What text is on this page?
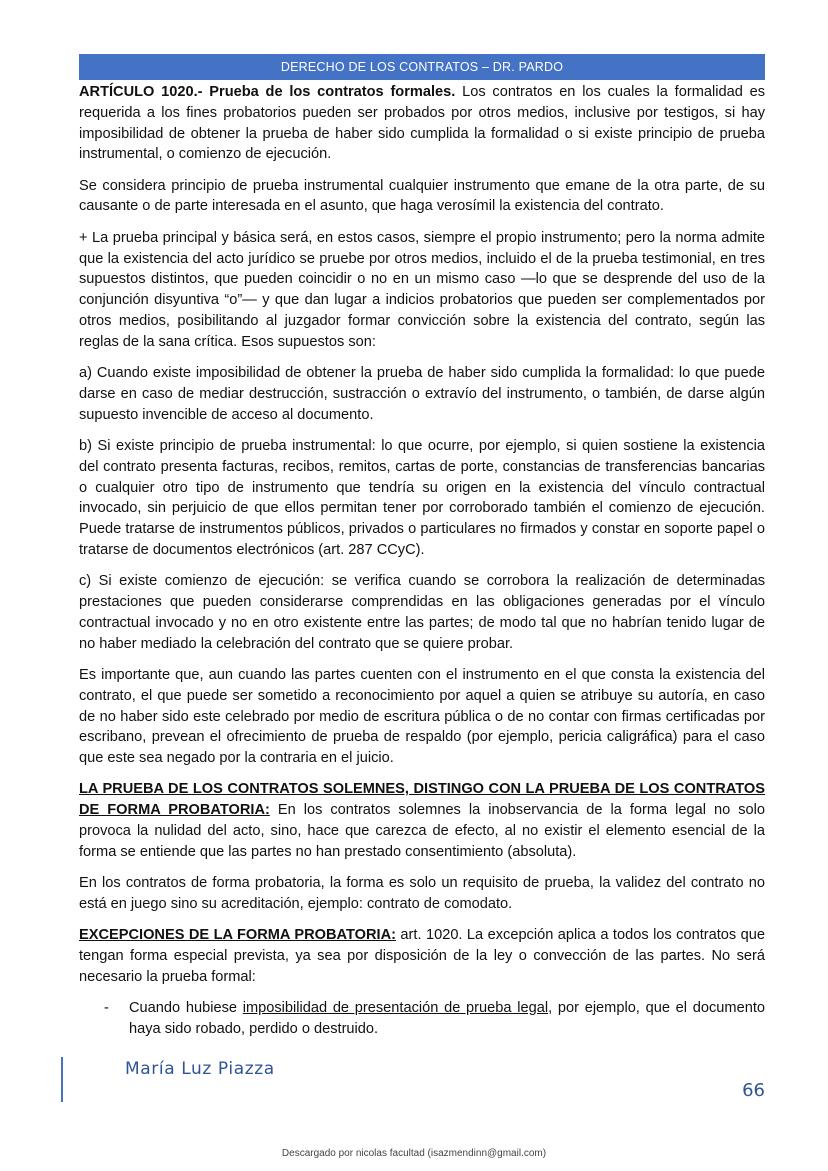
DERECHO DE LOS CONTRATOS – DR. PARDO

ARTÍCULO 1020.- Prueba de los contratos formales. Los contratos en los cuales la formalidad es requerida a los fines probatorios pueden ser probados por otros medios, inclusive por testigos, si hay imposibilidad de obtener la prueba de haber sido cumplida la formalidad o si existe principio de prueba instrumental, o comienzo de ejecución.

Se considera principio de prueba instrumental cualquier instrumento que emane de la otra parte, de su causante o de parte interesada en el asunto, que haga verosímil la existencia del contrato.

+ La prueba principal y básica será, en estos casos, siempre el propio instrumento; pero la norma admite que la existencia del acto jurídico se pruebe por otros medios, incluido el de la prueba testimonial, en tres supuestos distintos, que pueden coincidir o no en un mismo caso —lo que se desprende del uso de la conjunción disyuntiva “o”— y que dan lugar a indicios probatorios que pueden ser complementados por otros medios, posibilitando al juzgador formar convicción sobre la existencia del contrato, según las reglas de la sana crítica. Esos supuestos son:

a) Cuando existe imposibilidad de obtener la prueba de haber sido cumplida la formalidad: lo que puede darse en caso de mediar destrucción, sustracción o extravío del instrumento, o también, de darse algún supuesto invencible de acceso al documento.

b) Si existe principio de prueba instrumental: lo que ocurre, por ejemplo, si quien sostiene la existencia del contrato presenta facturas, recibos, remitos, cartas de porte, constancias de transferencias bancarias o cualquier otro tipo de instrumento que tendría su origen en la existencia del vínculo contractual invocado, sin perjuicio de que ellos permitan tener por corroborado también el comienzo de ejecución. Puede tratarse de instrumentos públicos, privados o particulares no firmados y constar en soporte papel o tratarse de documentos electrónicos (art. 287 CCyC).

c) Si existe comienzo de ejecución: se verifica cuando se corrobora la realización de determinadas prestaciones que pueden considerarse comprendidas en las obligaciones generadas por el vínculo contractual invocado y no en otro existente entre las partes; de modo tal que no habrían tenido lugar de no haber mediado la celebración del contrato que se quiere probar.

Es importante que, aun cuando las partes cuenten con el instrumento en el que consta la existencia del contrato, el que puede ser sometido a reconocimiento por aquel a quien se atribuye su autoría, en caso de no haber sido este celebrado por medio de escritura pública o de no contar con firmas certificadas por escribano, prevean el ofrecimiento de prueba de respaldo (por ejemplo, pericia caligráfica) para el caso que este sea negado por la contraria en el juicio.

LA PRUEBA DE LOS CONTRATOS SOLEMNES, DISTINGO CON LA PRUEBA DE LOS CONTRATOS DE FORMA PROBATORIA: En los contratos solemnes la inobservancia de la forma legal no solo provoca la nulidad del acto, sino, hace que carezca de efecto, al no existir el elemento esencial de la forma se entiende que las partes no han prestado consentimiento (absoluta).

En los contratos de forma probatoria, la forma es solo un requisito de prueba, la validez del contrato no está en juego sino su acreditación, ejemplo: contrato de comodato.

EXCEPCIONES DE LA FORMA PROBATORIA: art. 1020. La excepción aplica a todos los contratos que tengan forma especial prevista, ya sea por disposición de la ley o convección de las partes. No será necesario la prueba formal:

- Cuando hubiese imposibilidad de presentación de prueba legal, por ejemplo, que el documento haya sido robado, perdido o destruido.
María Luz Piazza
66
Descargado por nicolas facultad (isazmendinn@gmail.com)
